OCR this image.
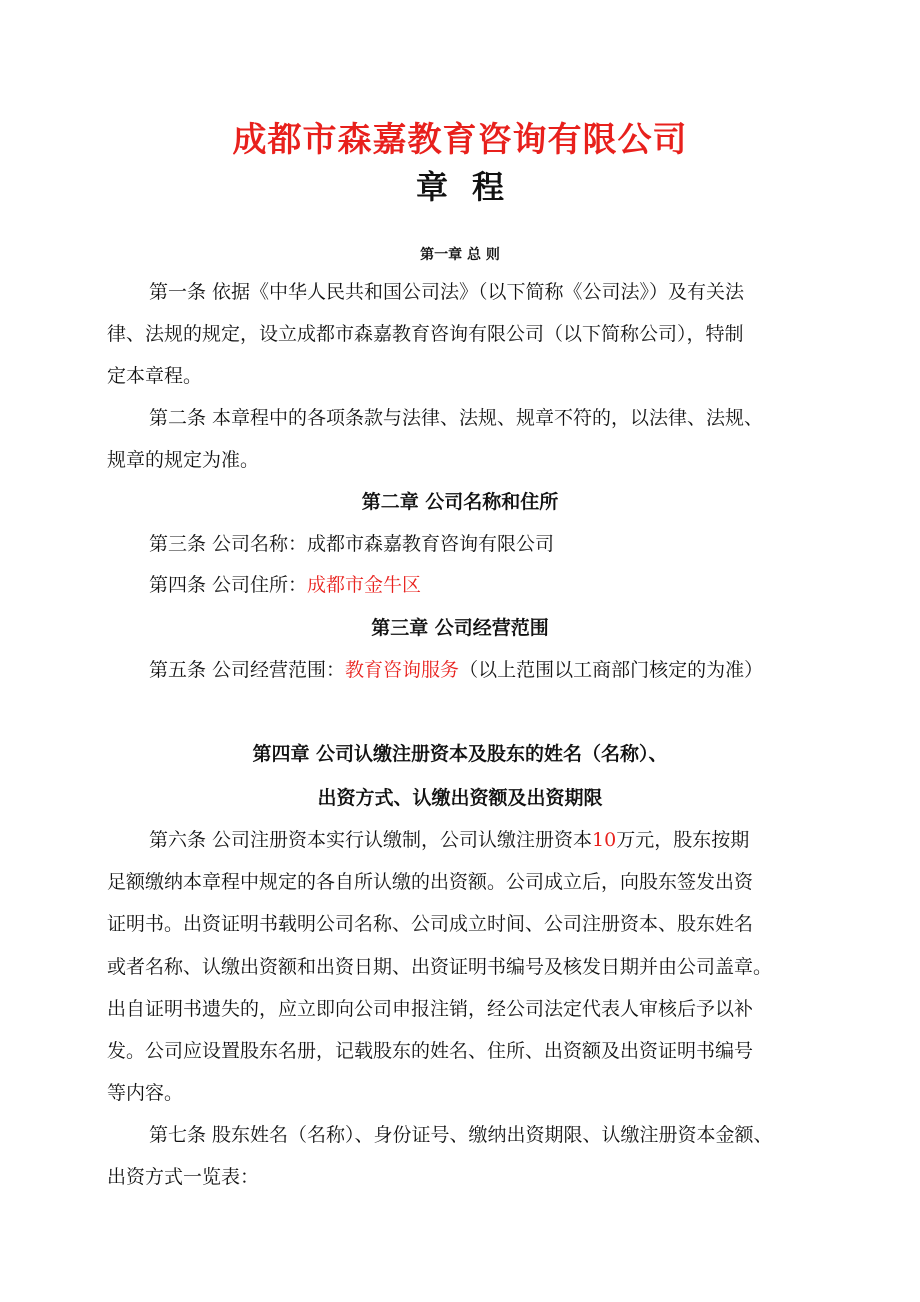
成都市森嘉教育咨询有限公司
章程
第一章 总 则
第一条 依据《中华人民共和国公司法》（以下简称《公司法》）及有关法
律、法规的规定，设立成都市森嘉教育咨询有限公司（以下简称公司），特制
定本章程。
第二条 本章程中的各项条款与法律、法规、规章不符的，以法律、法规、
规章的规定为准。
第二章 公司名称和住所
第三条 公司名称：成都市森嘉教育咨询有限公司
第四条 公司住所：成都市金牛区
第三章 公司经营范围
第五条 公司经营范围：教育咨询服务（以上范围以工商部门核定的为准）
第四章 公司认缴注册资本及股东的姓名（名称）、
出资方式、认缴出资额及出资期限
第六条 公司注册资本实行认缴制，公司认缴注册资本10万元，股东按期
足额缴纳本章程中规定的各自所认缴的出资额。公司成立后，向股东签发出资
证明书。出资证明书载明公司名称、公司成立时间、公司注册资本、股东姓名
或者名称、认缴出资额和出资日期、出资证明书编号及核发日期并由公司盖章。
出自证明书遗失的，应立即向公司申报注销，经公司法定代表人审核后予以补
发。公司应设置股东名册，记载股东的姓名、住所、出资额及出资证明书编号
等内容。
第七条 股东姓名（名称）、身份证号、缴纳出资期限、认缴注册资本金额、
出资方式一览表：
